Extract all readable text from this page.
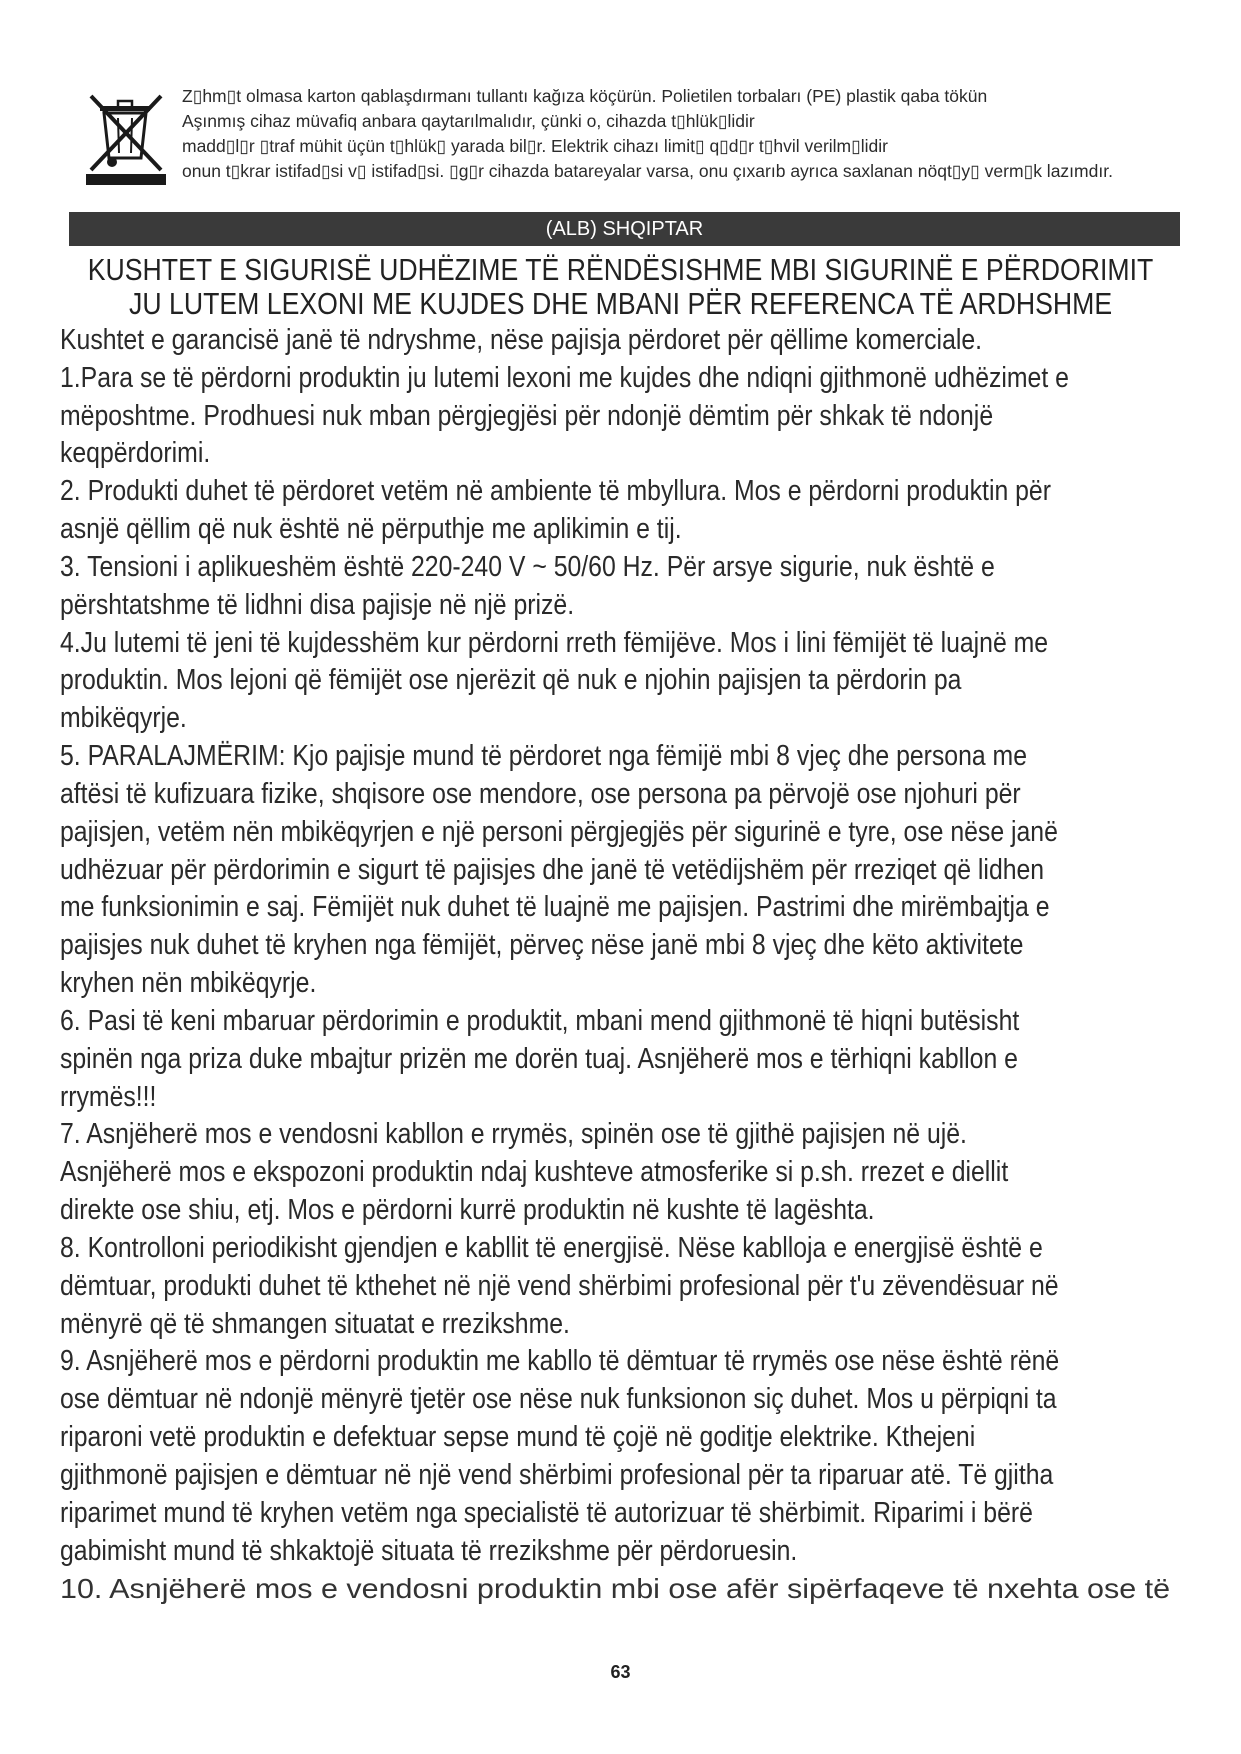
Z▯hm▯t olmasa karton qablaşdırmanı tullantı kağıza köçürün. Polietilen torbaları (PE) plastik qaba tökün
Aşınmış cihaz müvafiq anbara qaytarılmalıdır, çünki o, cihazda t▯hlük▯lidir
madd▯l▯r ▯traf mühit üçün t▯hlük▯ yarada bil▯r. Elektrik cihazı limit▯ q▯d▯r t▯hvil verilm▯lidir
onun t▯krar istifad▯si v▯ istifad▯si. ▯g▯r cihazda batareyalar varsa, onu çıxarıb ayrıca saxlanan nöqt▯y▯ verm▯k lazımdır.
(ALB) SHQIPTAR
KUSHTET E SIGURISË UDHËZIME TË RËNDËSISHME MBI SIGURINË E PËRDORIMIT
JU LUTEM LEXONI ME KUJDES DHE MBANI PËR REFERENCA TË ARDHSHME
Kushtet e garancisë janë të ndryshme, nëse pajisja përdoret për qëllime komerciale.
1.Para se të përdorni produktin ju lutemi lexoni me kujdes dhe ndiqni gjithmonë udhëzimet e
mëposhtme. Prodhuesi nuk mban përgjegjësi për ndonjë dëmtim për shkak të ndonjë
keqpërdorimi.
2. Produkti duhet të përdoret vetëm në ambiente të mbyllura. Mos e përdorni produktin për
asnjë qëllim që nuk është në përputhje me aplikimin e tij.
3. Tensioni i aplikueshëm është 220-240 V ~ 50/60 Hz. Për arsye sigurie, nuk është e
përshtatshme të lidhni disa pajisje në një prizë.
4.Ju lutemi të jeni të kujdesshëm kur përdorni rreth fëmijëve. Mos i lini fëmijët të luajnë me
produktin. Mos lejoni që fëmijët ose njerëzit që nuk e njohin pajisjen ta përdorin pa
mbikëqyrje.
5. PARALAJMËRIM: Kjo pajisje mund të përdoret nga fëmijë mbi 8 vjeç dhe persona me
aftësi të kufizuara fizike, shqisore ose mendore, ose persona pa përvojë ose njohuri për
pajisjen, vetëm nën mbikëqyrjen e një personi përgjegjës për sigurinë e tyre, ose nëse janë
udhëzuar për përdorimin e sigurt të pajisjes dhe janë të vetëdijshëm për rreziqet që lidhen
me funksionimin e saj. Fëmijët nuk duhet të luajnë me pajisjen. Pastrimi dhe mirëmbajtja e
pajisjes nuk duhet të kryhen nga fëmijët, përveç nëse janë mbi 8 vjeç dhe këto aktivitete
kryhen nën mbikëqyrje.
6. Pasi të keni mbaruar përdorimin e produktit, mbani mend gjithmonë të hiqni butësisht
spinën nga priza duke mbajtur prizën me dorën tuaj. Asnjëherë mos e tërhiqni kabllon e
rrymës!!!
7. Asnjëherë mos e vendosni kabllon e rrymës, spinën ose të gjithë pajisjen në ujë.
Asnjëherë mos e ekspozoni produktin ndaj kushteve atmosferike si p.sh. rrezet e diellit
direkte ose shiu, etj. Mos e përdorni kurrë produktin në kushte të lagështa.
8. Kontrolloni periodikisht gjendjen e kabllit të energjisë. Nëse kablloja e energjisë është e
dëmtuar, produkti duhet të kthehet në një vend shërbimi profesional për t'u zëvendësuar në
mënyrë që të shmangen situatat e rrezikshme.
9. Asnjëherë mos e përdorni produktin me kabllo të dëmtuar të rrymës ose nëse është rënë
ose dëmtuar në ndonjë mënyrë tjetër ose nëse nuk funksionon siç duhet. Mos u përpiqni ta
riparoni vetë produktin e defektuar sepse mund të çojë në goditje elektrike. Kthejeni
gjithmonë pajisjen e dëmtuar në një vend shërbimi profesional për ta riparuar atë. Të gjitha
riparimet mund të kryhen vetëm nga specialistë të autorizuar të shërbimit. Riparimi i bërë
gabimisht mund të shkaktojë situata të rrezikshme për përdoruesin.
10. Asnjëherë mos e vendosni produktin mbi ose afër sipërfaqeve të nxehta ose të
63
